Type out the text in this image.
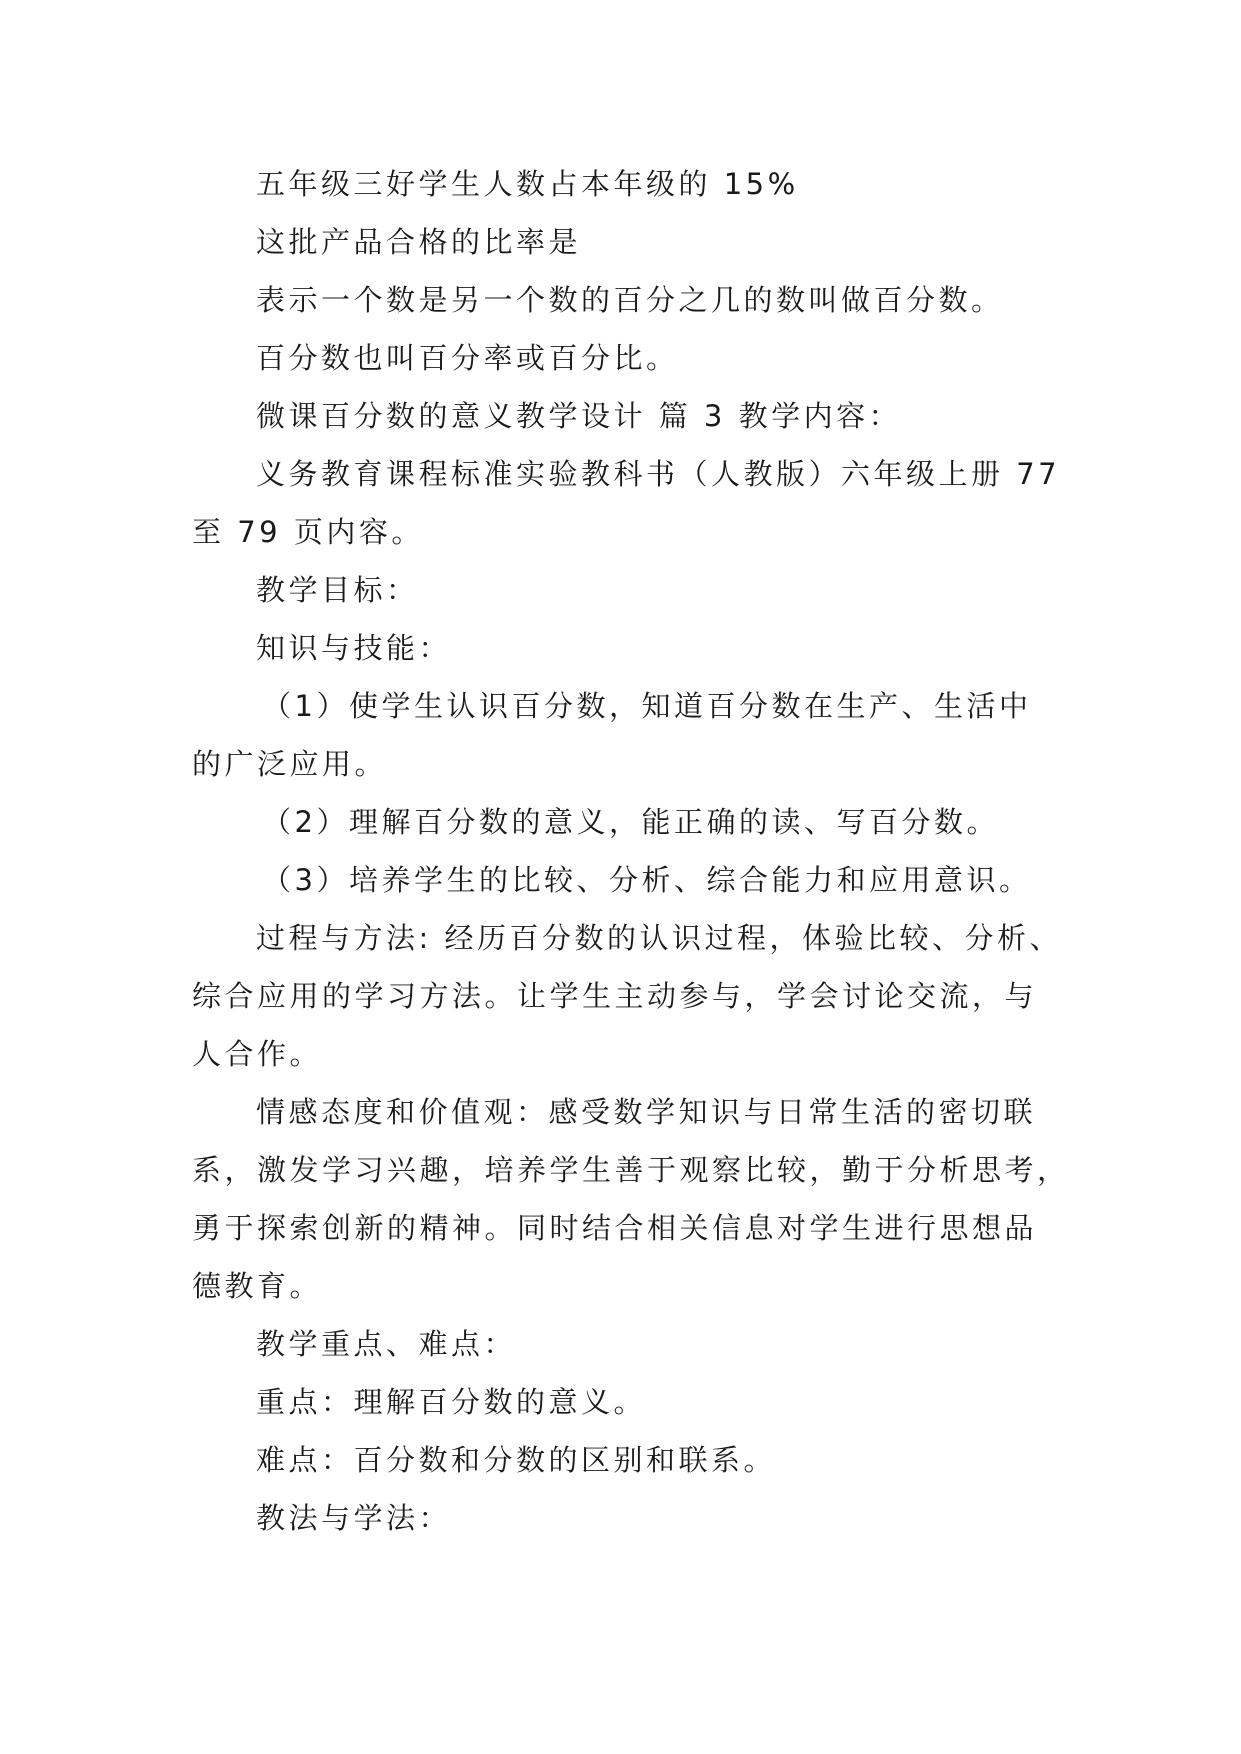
五年级三好学生人数占本年级的 15%
这批产品合格的比率是
表示一个数是另一个数的百分之几的数叫做百分数。
百分数也叫百分率或百分比。
微课百分数的意义教学设计 篇 3 教学内容：
义务教育课程标准实验教科书（人教版）六年级上册 77
至 79 页内容。
教学目标：
知识与技能：
（1）使学生认识百分数，知道百分数在生产、生活中
的广泛应用。
（2）理解百分数的意义，能正确的读、写百分数。
（3）培养学生的比较、分析、综合能力和应用意识。
过程与方法: 经历百分数的认识过程，体验比较、分析、
综合应用的学习方法。让学生主动参与，学会讨论交流，与
人合作。
情感态度和价值观：感受数学知识与日常生活的密切联
系，激发学习兴趣，培养学生善于观察比较，勤于分析思考，
勇于探索创新的精神。同时结合相关信息对学生进行思想品
德教育。
教学重点、难点：
重点：理解百分数的意义。
难点：百分数和分数的区别和联系。
教法与学法：
